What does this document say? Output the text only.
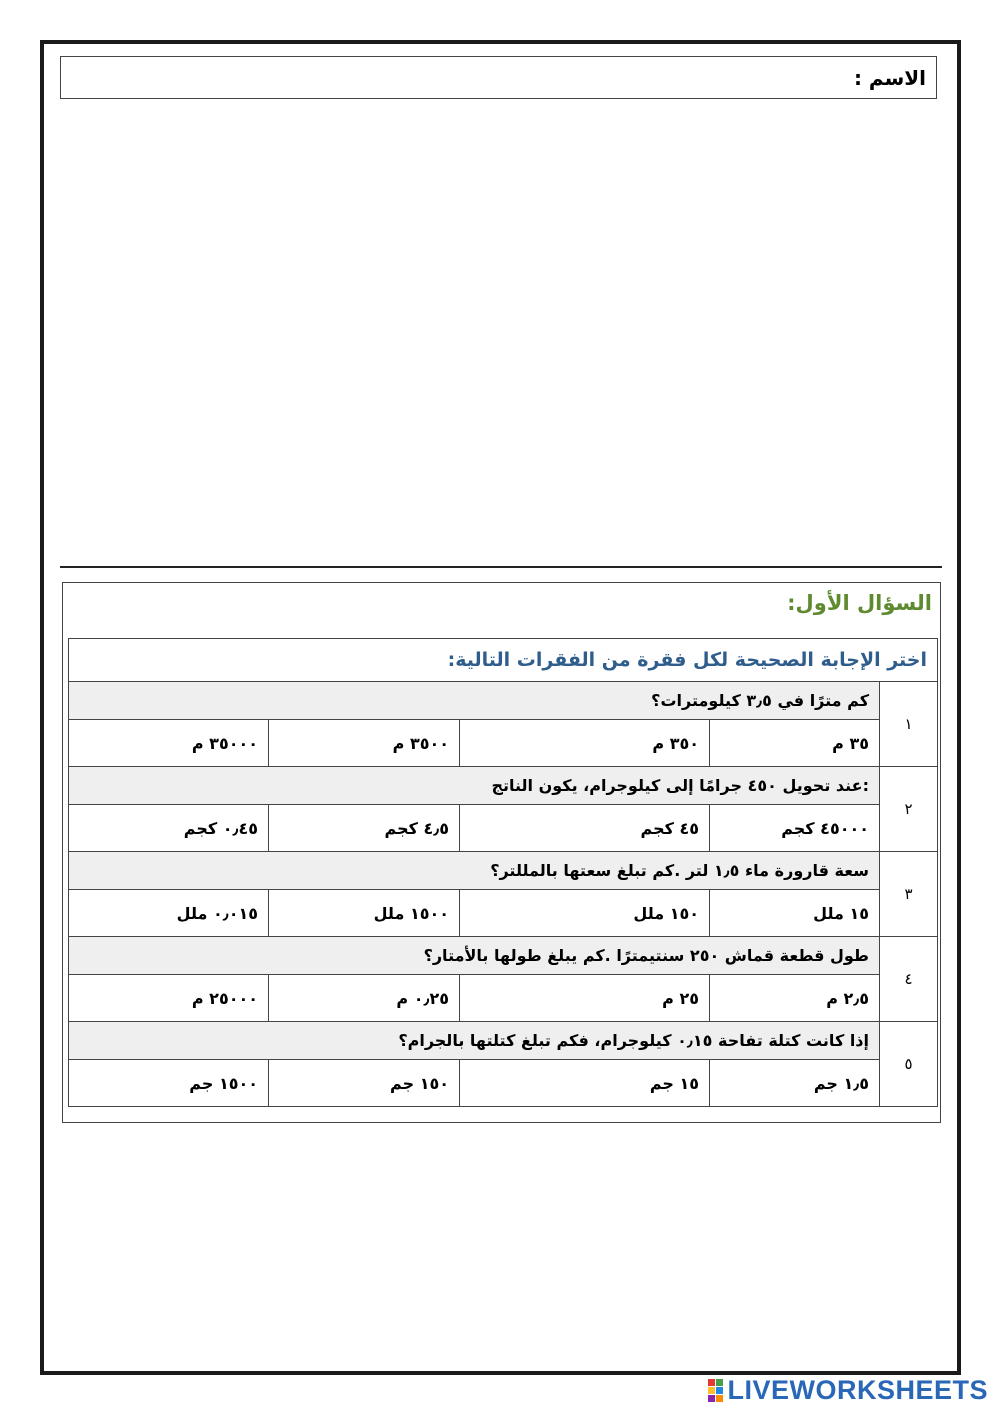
الاسم :
السؤال الأول:
اختر الإجابة الصحيحة لكل فقرة من الفقرات التالية:				
١	كم مترًا في ٣٫٥ كيلومترات؟			
	٣٥ م	٣٥٠ م	٣٥٠٠ م	٣٥٠٠٠ م
٢	:عند تحويل ٤٥٠ جرامًا إلى كيلوجرام، يكون الناتج			
	٤٥٠٠٠ كجم	٤٥ كجم	٤٫٥ كجم	٠٫٤٥ كجم
٣	سعة قارورة ماء ١٫٥ لتر .كم تبلغ سعتها بالمللتر؟			
	١٥ ملل	١٥٠ ملل	١٥٠٠ ملل	٠٫٠١٥ ملل
٤	طول قطعة قماش ٢٥٠ سنتيمترًا .كم يبلغ طولها بالأمتار؟			
	٢٫٥ م	٢٥ م	٠٫٢٥ م	٢٥٠٠٠ م
٥	إذا كانت كتلة تفاحة ٠٫١٥ كيلوجرام، فكم تبلغ كتلتها بالجرام؟			
	١٫٥ جم	١٥ جم	١٥٠ جم	١٥٠٠ جم
LIVEWORKSHEETS
